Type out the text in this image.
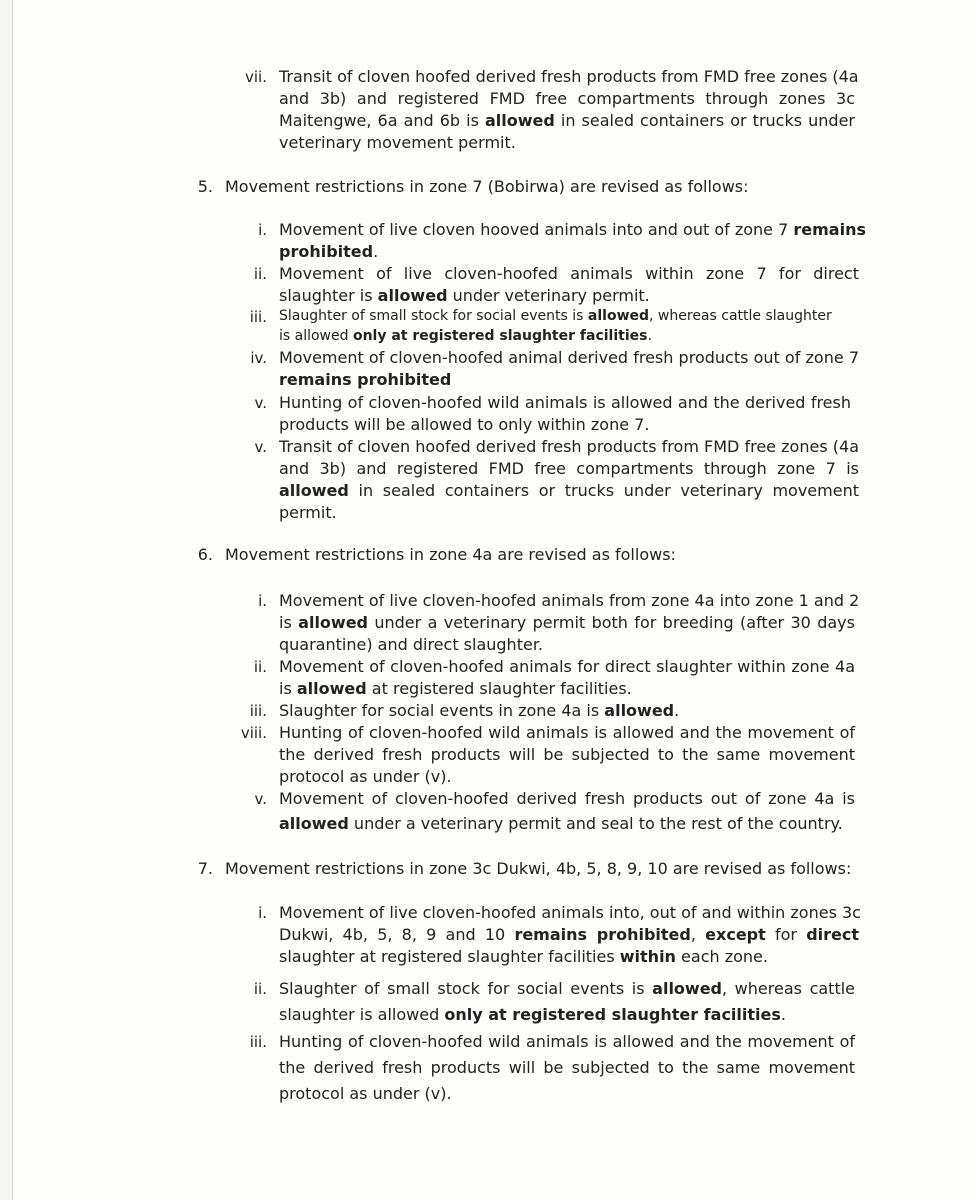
vii. Transit of cloven hoofed derived fresh products from FMD free zones (4a
and 3b) and registered FMD free compartments through zones 3c
Maitengwe, 6a and 6b is allowed in sealed containers or trucks under
veterinary movement permit.
5. Movement restrictions in zone 7 (Bobirwa) are revised as follows:
i. Movement of live cloven hooved animals into and out of zone 7 remains
prohibited.
ii. Movement of live cloven-hoofed animals within zone 7 for direct
slaughter is allowed under veterinary permit.
iii. Slaughter of small stock for social events is allowed, whereas cattle slaughter
is allowed only at registered slaughter facilities.
iv. Movement of cloven-hoofed animal derived fresh products out of zone 7
remains prohibited
v. Hunting of cloven-hoofed wild animals is allowed and the derived fresh
products will be allowed to only within zone 7.
v. Transit of cloven hoofed derived fresh products from FMD free zones (4a
and 3b) and registered FMD free compartments through zone 7 is
allowed in sealed containers or trucks under veterinary movement
permit.
6. Movement restrictions in zone 4a are revised as follows:
i. Movement of live cloven-hoofed animals from zone 4a into zone 1 and 2
is allowed under a veterinary permit both for breeding (after 30 days
quarantine) and direct slaughter.
ii. Movement of cloven-hoofed animals for direct slaughter within zone 4a
is allowed at registered slaughter facilities.
iii. Slaughter for social events in zone 4a is allowed.
viii. Hunting of cloven-hoofed wild animals is allowed and the movement of
the derived fresh products will be subjected to the same movement
protocol as under (v).
v. Movement of cloven-hoofed derived fresh products out of zone 4a is
allowed under a veterinary permit and seal to the rest of the country.
7. Movement restrictions in zone 3c Dukwi, 4b, 5, 8, 9, 10 are revised as follows:
i. Movement of live cloven-hoofed animals into, out of and within zones 3c
Dukwi, 4b, 5, 8, 9 and 10 remains prohibited, except for direct
slaughter at registered slaughter facilities within each zone.
ii. Slaughter of small stock for social events is allowed, whereas cattle
slaughter is allowed only at registered slaughter facilities.
iii. Hunting of cloven-hoofed wild animals is allowed and the movement of
the derived fresh products will be subjected to the same movement
protocol as under (v).
